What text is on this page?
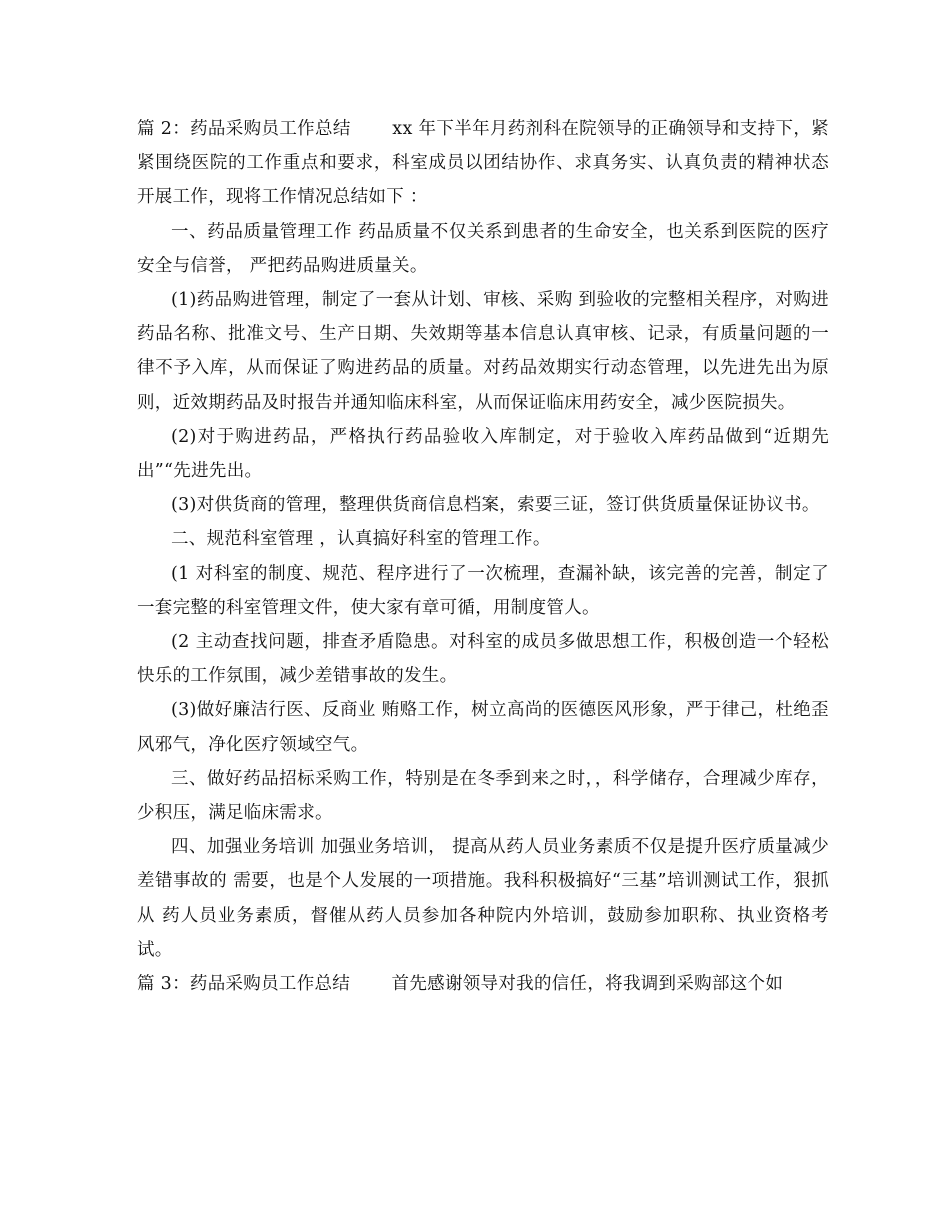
篇 2：药品采购员工作总结　　 xx 年下半年月药剂科在院领导的正确领导和支持下，紧紧围绕医院的工作重点和要求，科室成员以团结协作、求真务实、认真负责的精神状态开展工作，现将工作情况总结如下 ：

一、药品质量管理工作 药品质量不仅关系到患者的生命安全，也关系到医院的医疗安全与信誉， 严把药品购进质量关。

(1)药品购进管理，制定了一套从计划、审核、采购 到验收的完整相关程序，对购进药品名称、批准文号、生产日期、失效期等基本信息认真审核、记录，有质量问题的一律不予入库，从而保证了购进药品的质量。对药品效期实行动态管理，以先进先出为原则，近效期药品及时报告并通知临床科室，从而保证临床用药安全，减少医院损失。

(2)对于购进药品，严格执行药品验收入库制定，对于验收入库药品做到“近期先出”“先进先出。

(3)对供货商的管理，整理供货商信息档案，索要三证，签订供货质量保证协议书。

二、规范科室管理 ，认真搞好科室的管理工作。

(1 对科室的制度、规范、程序进行了一次梳理，查漏补缺，该完善的完善，制定了一套完整的科室管理文件，使大家有章可循，用制度管人。

(2 主动查找问题，排查矛盾隐患。对科室的成员多做思想工作，积极创造一个轻松快乐的工作氛围，减少差错事故的发生。

(3)做好廉洁行医、反商业 贿赂工作，树立高尚的医德医风形象，严于律己，杜绝歪风邪气，净化医疗领域空气。

三、做好药品招标采购工作，特别是在冬季到来之时，，科学储存，合理减少库存，少积压，满足临床需求。

四、加强业务培训 加强业务培训， 提高从药人员业务素质不仅是提升医疗质量减少差错事故的 需要，也是个人发展的一项措施。我科积极搞好“三基”培训测试工作，狠抓从 药人员业务素质，督催从药人员参加各种院内外培训，鼓励参加职称、执业资格考试。

篇 3：药品采购员工作总结　　 首先感谢领导对我的信任，将我调到采购部这个如
